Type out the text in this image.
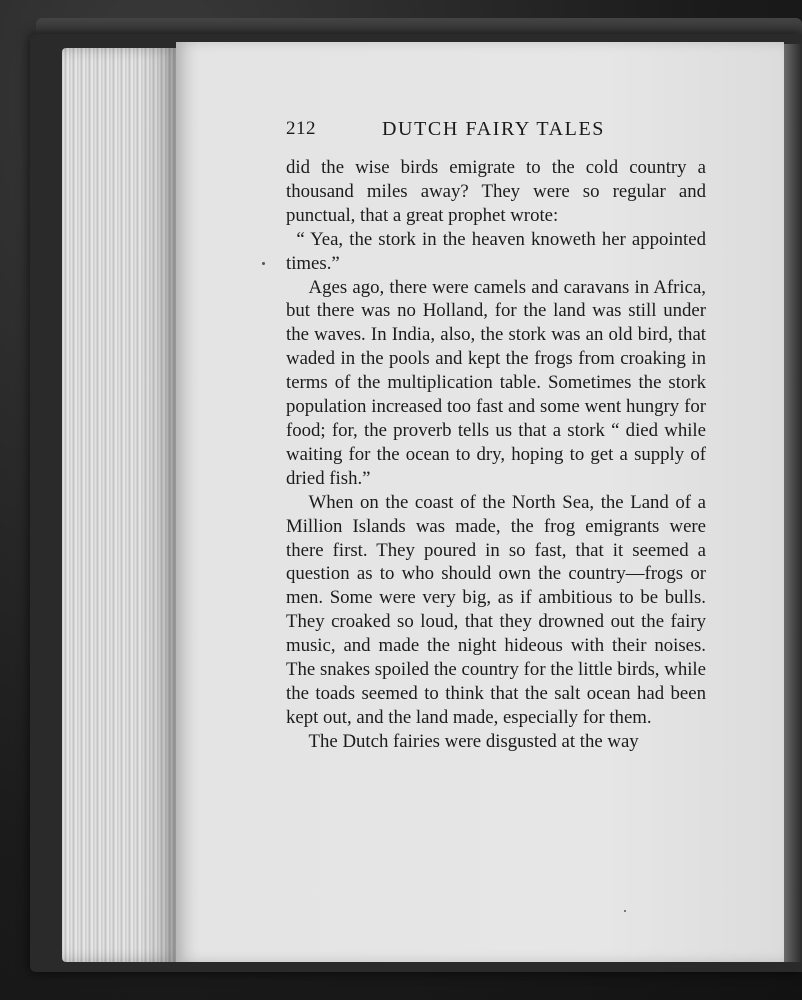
212	DUTCH FAIRY TALES

did the wise birds emigrate to the cold country a thousand miles away? They were so regular and punctual, that a great prophet wrote:

“ Yea, the stork in the heaven knoweth her appointed times.”

Ages ago, there were camels and caravans in Africa, but there was no Holland, for the land was still under the waves. In India, also, the stork was an old bird, that waded in the pools and kept the frogs from croaking in terms of the multiplication table. Sometimes the stork population increased too fast and some went hungry for food; for, the proverb tells us that a stork “ died while waiting for the ocean to dry, hoping to get a supply of dried fish.”

When on the coast of the North Sea, the Land of a Million Islands was made, the frog emigrants were there first. They poured in so fast, that it seemed a question as to who should own the country—frogs or men. Some were very big, as if ambitious to be bulls. They croaked so loud, that they drowned out the fairy music, and made the night hideous with their noises. The snakes spoiled the country for the little birds, while the toads seemed to think that the salt ocean had been kept out, and the land made, especially for them.

The Dutch fairies were disgusted at the way
